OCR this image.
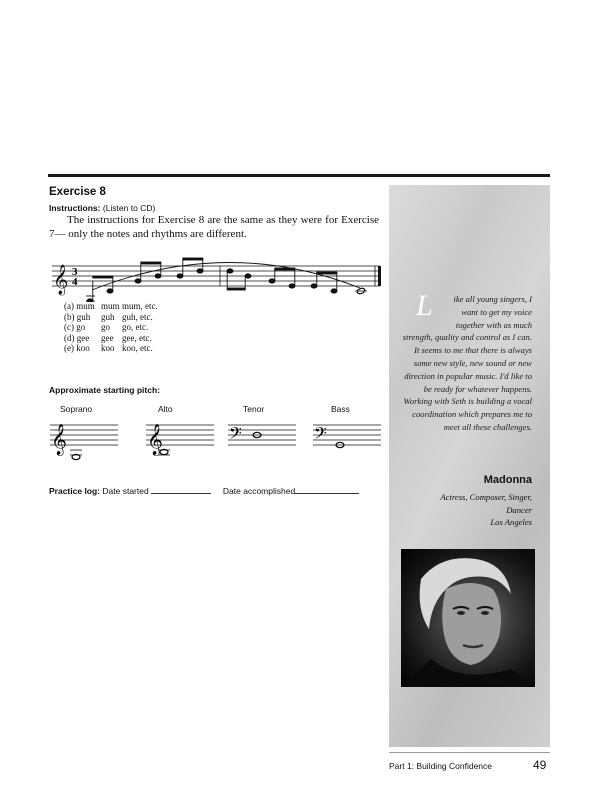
Exercise 8
Instructions: (Listen to CD)
The instructions for Exercise 8 are the same as they were for Exercise 7— only the notes and rhythms are different.
𝄞 3
4
(a) mum mum mum, etc.
(b) guh guh guh, etc.
(c) go go go, etc.
(d) gee gee gee, etc.
(e) koo koo koo, etc.
Approximate starting pitch:
Soprano	Alto	Tenor	Bass
𝄞	𝄞	𝄢	𝄢
Practice log: Date started	Date accomplished
L ike all young singers, I want to get my voice together with as much strength, quality and control as I can. It seems to me that there is always some new style, new sound or new direction in popular music. I'd like to be ready for whatever happens. Working with Seth is building a vocal coordination which prepares me to meet all these challenges.
Madonna
Actress, Composer, Singer,
Dancer
Los Angeles
Part 1: Building Confidence	49
